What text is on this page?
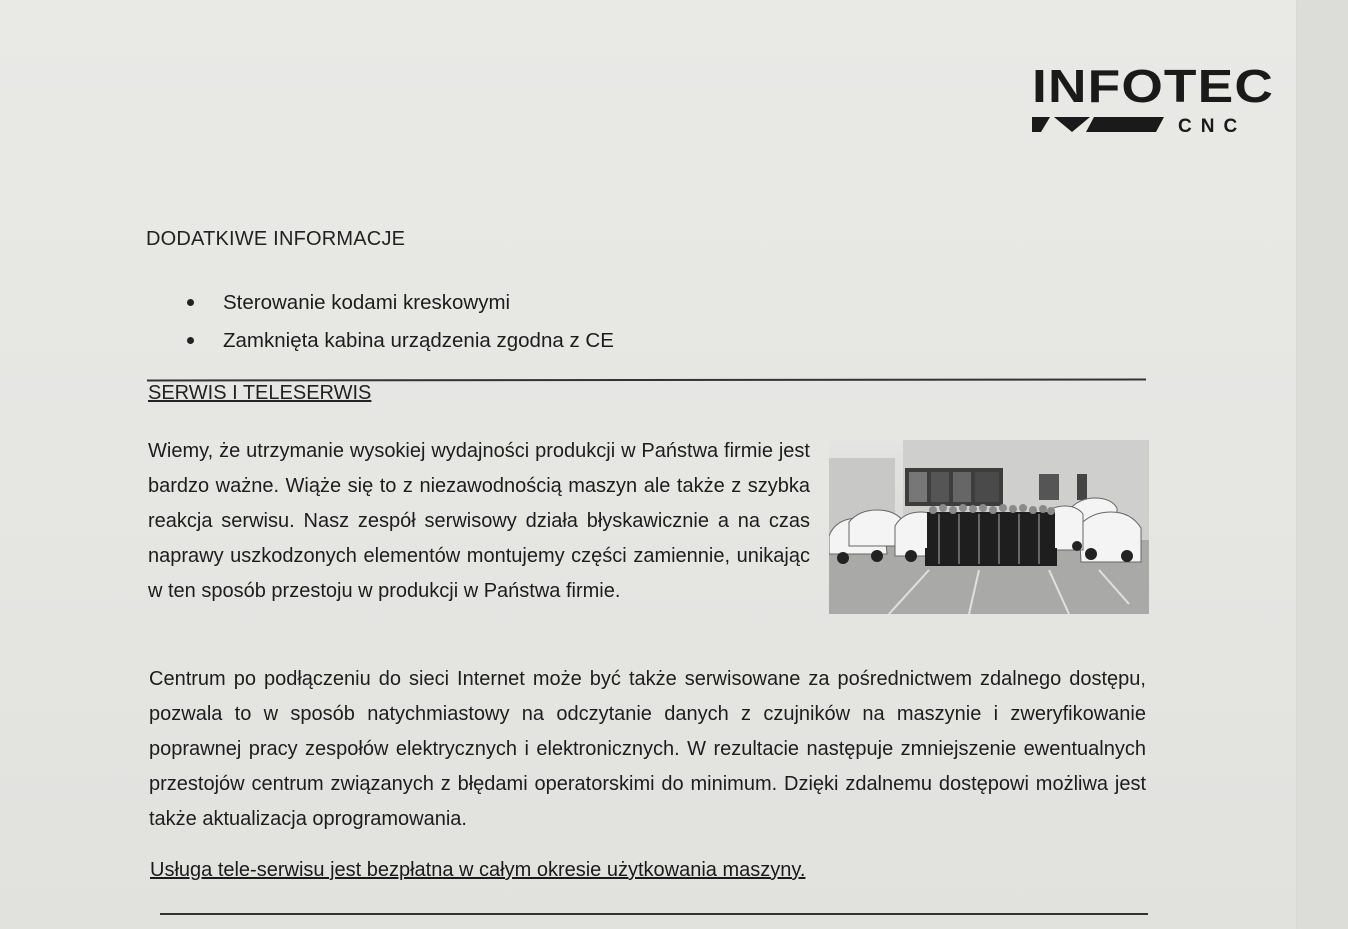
INFOTEC
CNC
DODATKIWE INFORMACJE
Sterowanie kodami kreskowymi
Zamknięta kabina urządzenia zgodna z CE
SERWIS I TELESERWIS
Wiemy, że utrzymanie wysokiej wydajności produkcji w Państwa firmie jest bardzo ważne. Wiąże się to z niezawodnością maszyn ale także z szybka reakcja serwisu. Nasz zespół serwisowy działa błyskawicznie a na czas naprawy uszkodzonych elementów montujemy części zamiennie, unikając w ten sposób przestoju w produkcji w Państwa firmie.
Centrum po podłączeniu do sieci Internet może być także serwisowane za pośrednictwem zdalnego dostępu, pozwala to w sposób natychmiastowy na odczytanie danych z czujników na maszynie i zweryfikowanie poprawnej pracy zespołów elektrycznych i elektronicznych. W rezultacie następuje zmniejszenie ewentualnych przestojów centrum związanych z błędami operatorskimi do minimum. Dzięki zdalnemu dostępowi możliwa jest także aktualizacja oprogramowania.
Usługa tele-serwisu jest bezpłatna w całym okresie użytkowania maszyny.
